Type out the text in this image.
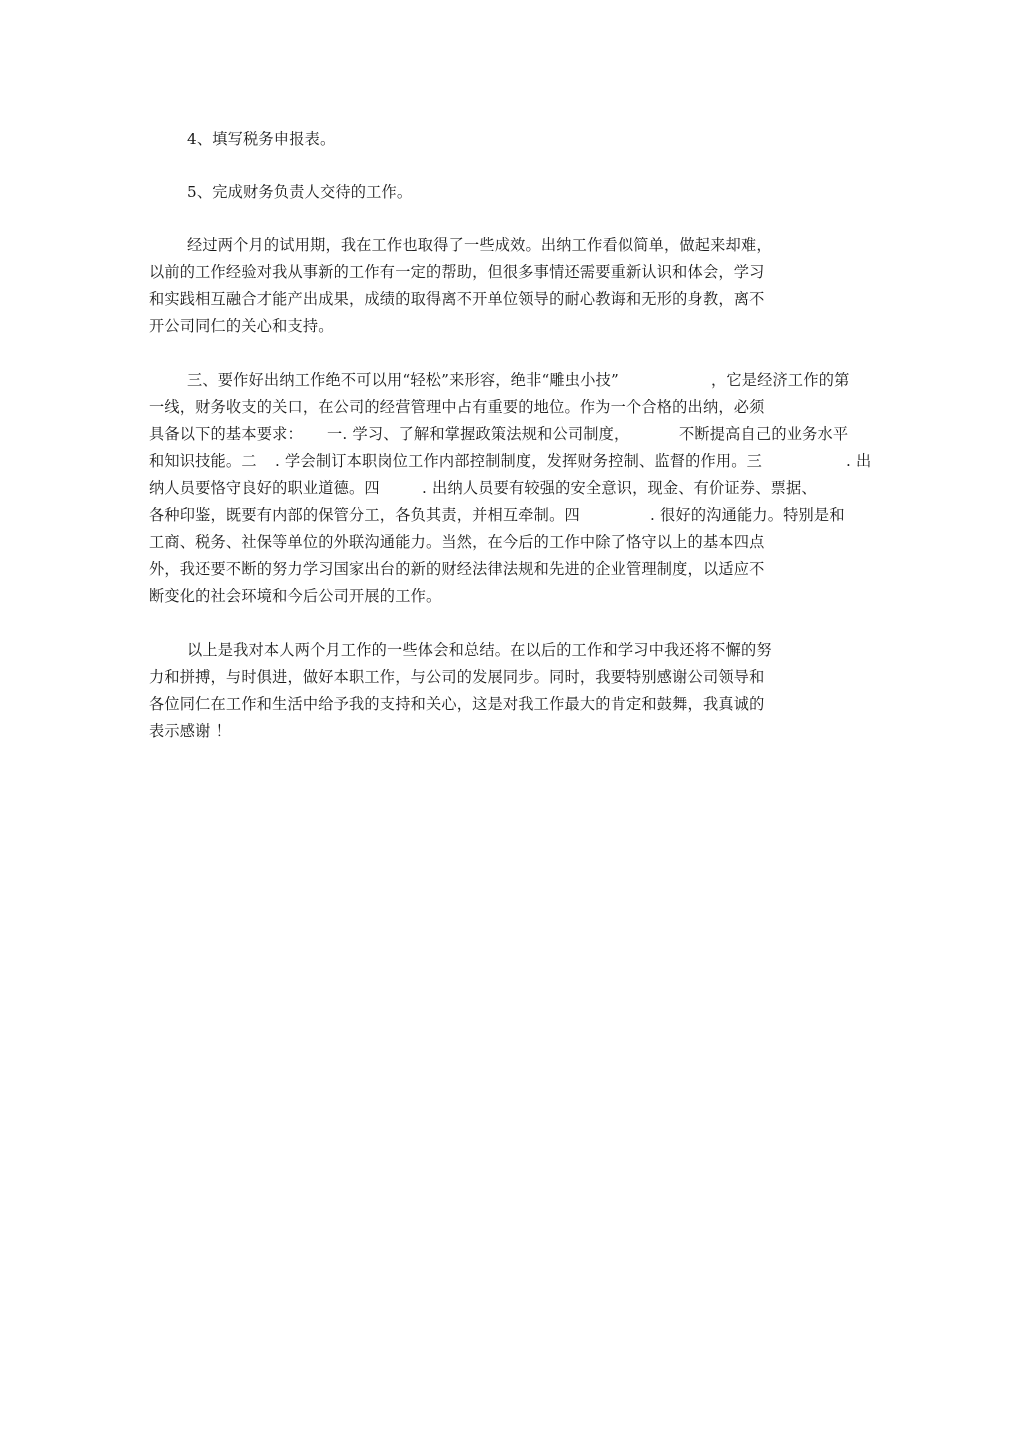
4、填写税务申报表。
5、完成财务负责人交待的工作。
经过两个月的试用期，我在工作也取得了一些成效。出纳工作看似简单，做起来却难，
以前的工作经验对我从事新的工作有一定的帮助，但很多事情还需要重新认识和体会，学习
和实践相互融合才能产出成果，成绩的取得离不开单位领导的耐心教诲和无形的身教，离不
开公司同仁的关心和支持。
三、要作好出纳工作绝不可以用“轻松”来形容，绝非“雕虫小技”	，它是经济工作的第
一线，财务收支的关口，在公司的经营管理中占有重要的地位。作为一个合格的出纳，必须
具备以下的基本要求： 一. 学习、了解和掌握政策法规和公司制度，	不断提高自己的业务水平
和知识技能。二 . 学会制订本职岗位工作内部控制制度，发挥财务控制、监督的作用。三	. 出
纳人员要恪守良好的职业道德。四	. 出纳人员要有较强的安全意识，现金、有价证券、票据、
各种印鉴，既要有内部的保管分工，各负其责，并相互牵制。四	. 很好的沟通能力。特别是和
工商、税务、社保等单位的外联沟通能力。当然，在今后的工作中除了恪守以上的基本四点
外，我还要不断的努力学习国家出台的新的财经法律法规和先进的企业管理制度，以适应不
断变化的社会环境和今后公司开展的工作。
以上是我对本人两个月工作的一些体会和总结。在以后的工作和学习中我还将不懈的努
力和拼搏，与时俱进，做好本职工作，与公司的发展同步。同时，我要特别感谢公司领导和
各位同仁在工作和生活中给予我的支持和关心，这是对我工作最大的肯定和鼓舞，我真诚的
表示感谢 ！
